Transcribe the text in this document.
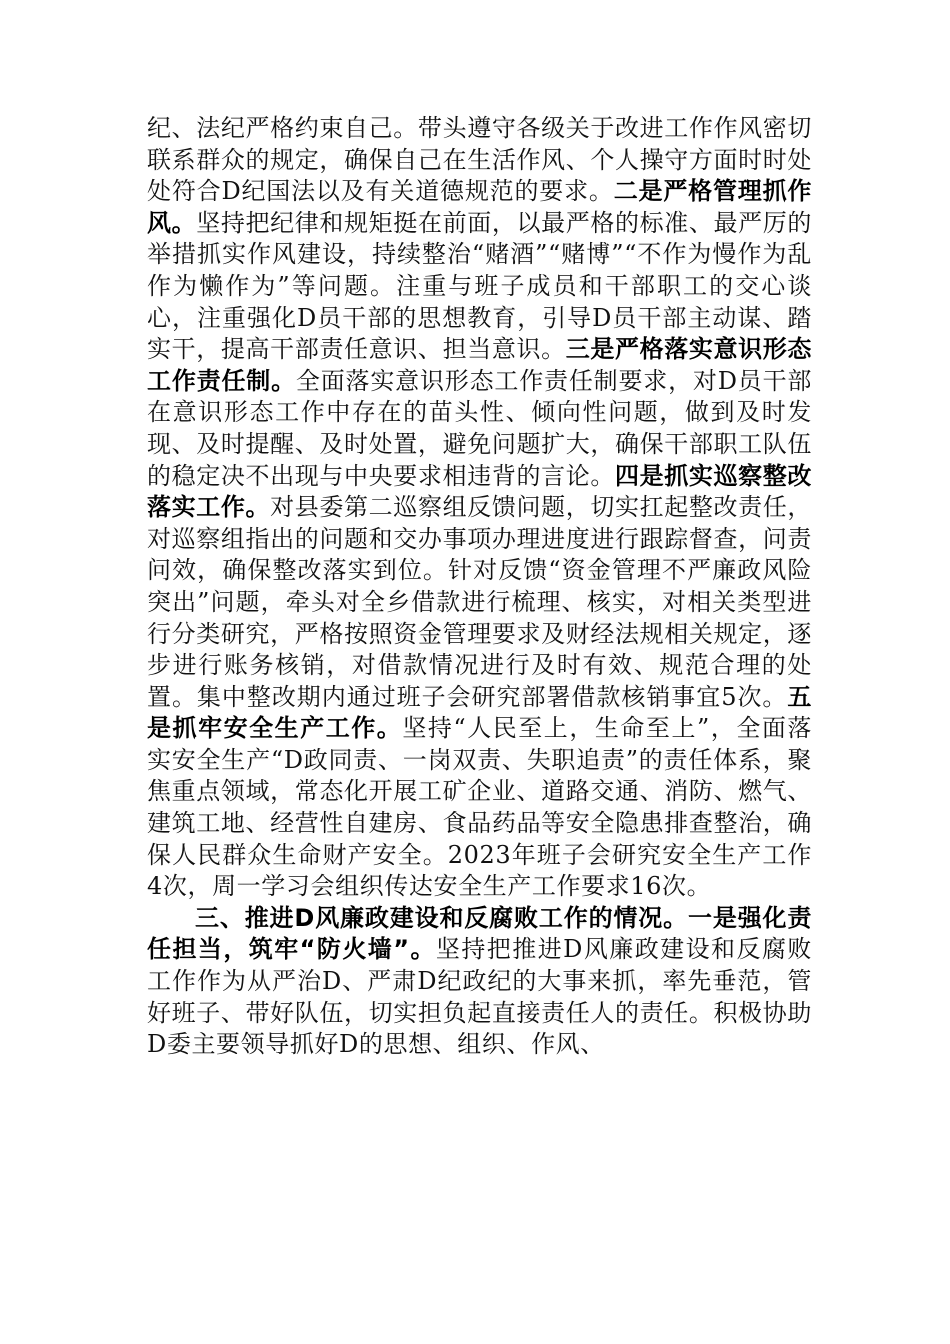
纪、法纪严格约束自己。带头遵守各级关于改进工作作风密切联系群众的规定，确保自己在生活作风、个人操守方面时时处处符合D纪国法以及有关道德规范的要求。二是严格管理抓作风。坚持把纪律和规矩挺在前面，以最严格的标准、最严厉的举措抓实作风建设，持续整治“赌酒”“赌博”“不作为慢作为乱作为懒作为”等问题。注重与班子成员和干部职工的交心谈心，注重强化D员干部的思想教育，引导D员干部主动谋、踏实干，提高干部责任意识、担当意识。三是严格落实意识形态工作责任制。全面落实意识形态工作责任制要求，对D员干部在意识形态工作中存在的苗头性、倾向性问题，做到及时发现、及时提醒、及时处置，避免问题扩大，确保干部职工队伍的稳定决不出现与中央要求相违背的言论。四是抓实巡察整改落实工作。对县委第二巡察组反馈问题，切实扛起整改责任，对巡察组指出的问题和交办事项办理进度进行跟踪督查，问责问效，确保整改落实到位。针对反馈“资金管理不严廉政风险突出”问题，牵头对全乡借款进行梳理、核实，对相关类型进行分类研究，严格按照资金管理要求及财经法规相关规定，逐步进行账务核销，对借款情况进行及时有效、规范合理的处置。集中整改期内通过班子会研究部署借款核销事宜5次。五是抓牢安全生产工作。坚持“人民至上，生命至上”，全面落实安全生产“D政同责、一岗双责、失职追责”的责任体系，聚焦重点领域，常态化开展工矿企业、道路交通、消防、燃气、建筑工地、经营性自建房、食品药品等安全隐患排查整治，确保人民群众生命财产安全。2023年班子会研究安全生产工作4次，周一学习会组织传达安全生产工作要求16次。

三、推进D风廉政建设和反腐败工作的情况。一是强化责任担当，筑牢“防火墙”。坚持把推进D风廉政建设和反腐败工作作为从严治D、严肃D纪政纪的大事来抓，率先垂范，管好班子、带好队伍，切实担负起直接责任人的责任。积极协助D委主要领导抓好D的思想、组织、作风、
